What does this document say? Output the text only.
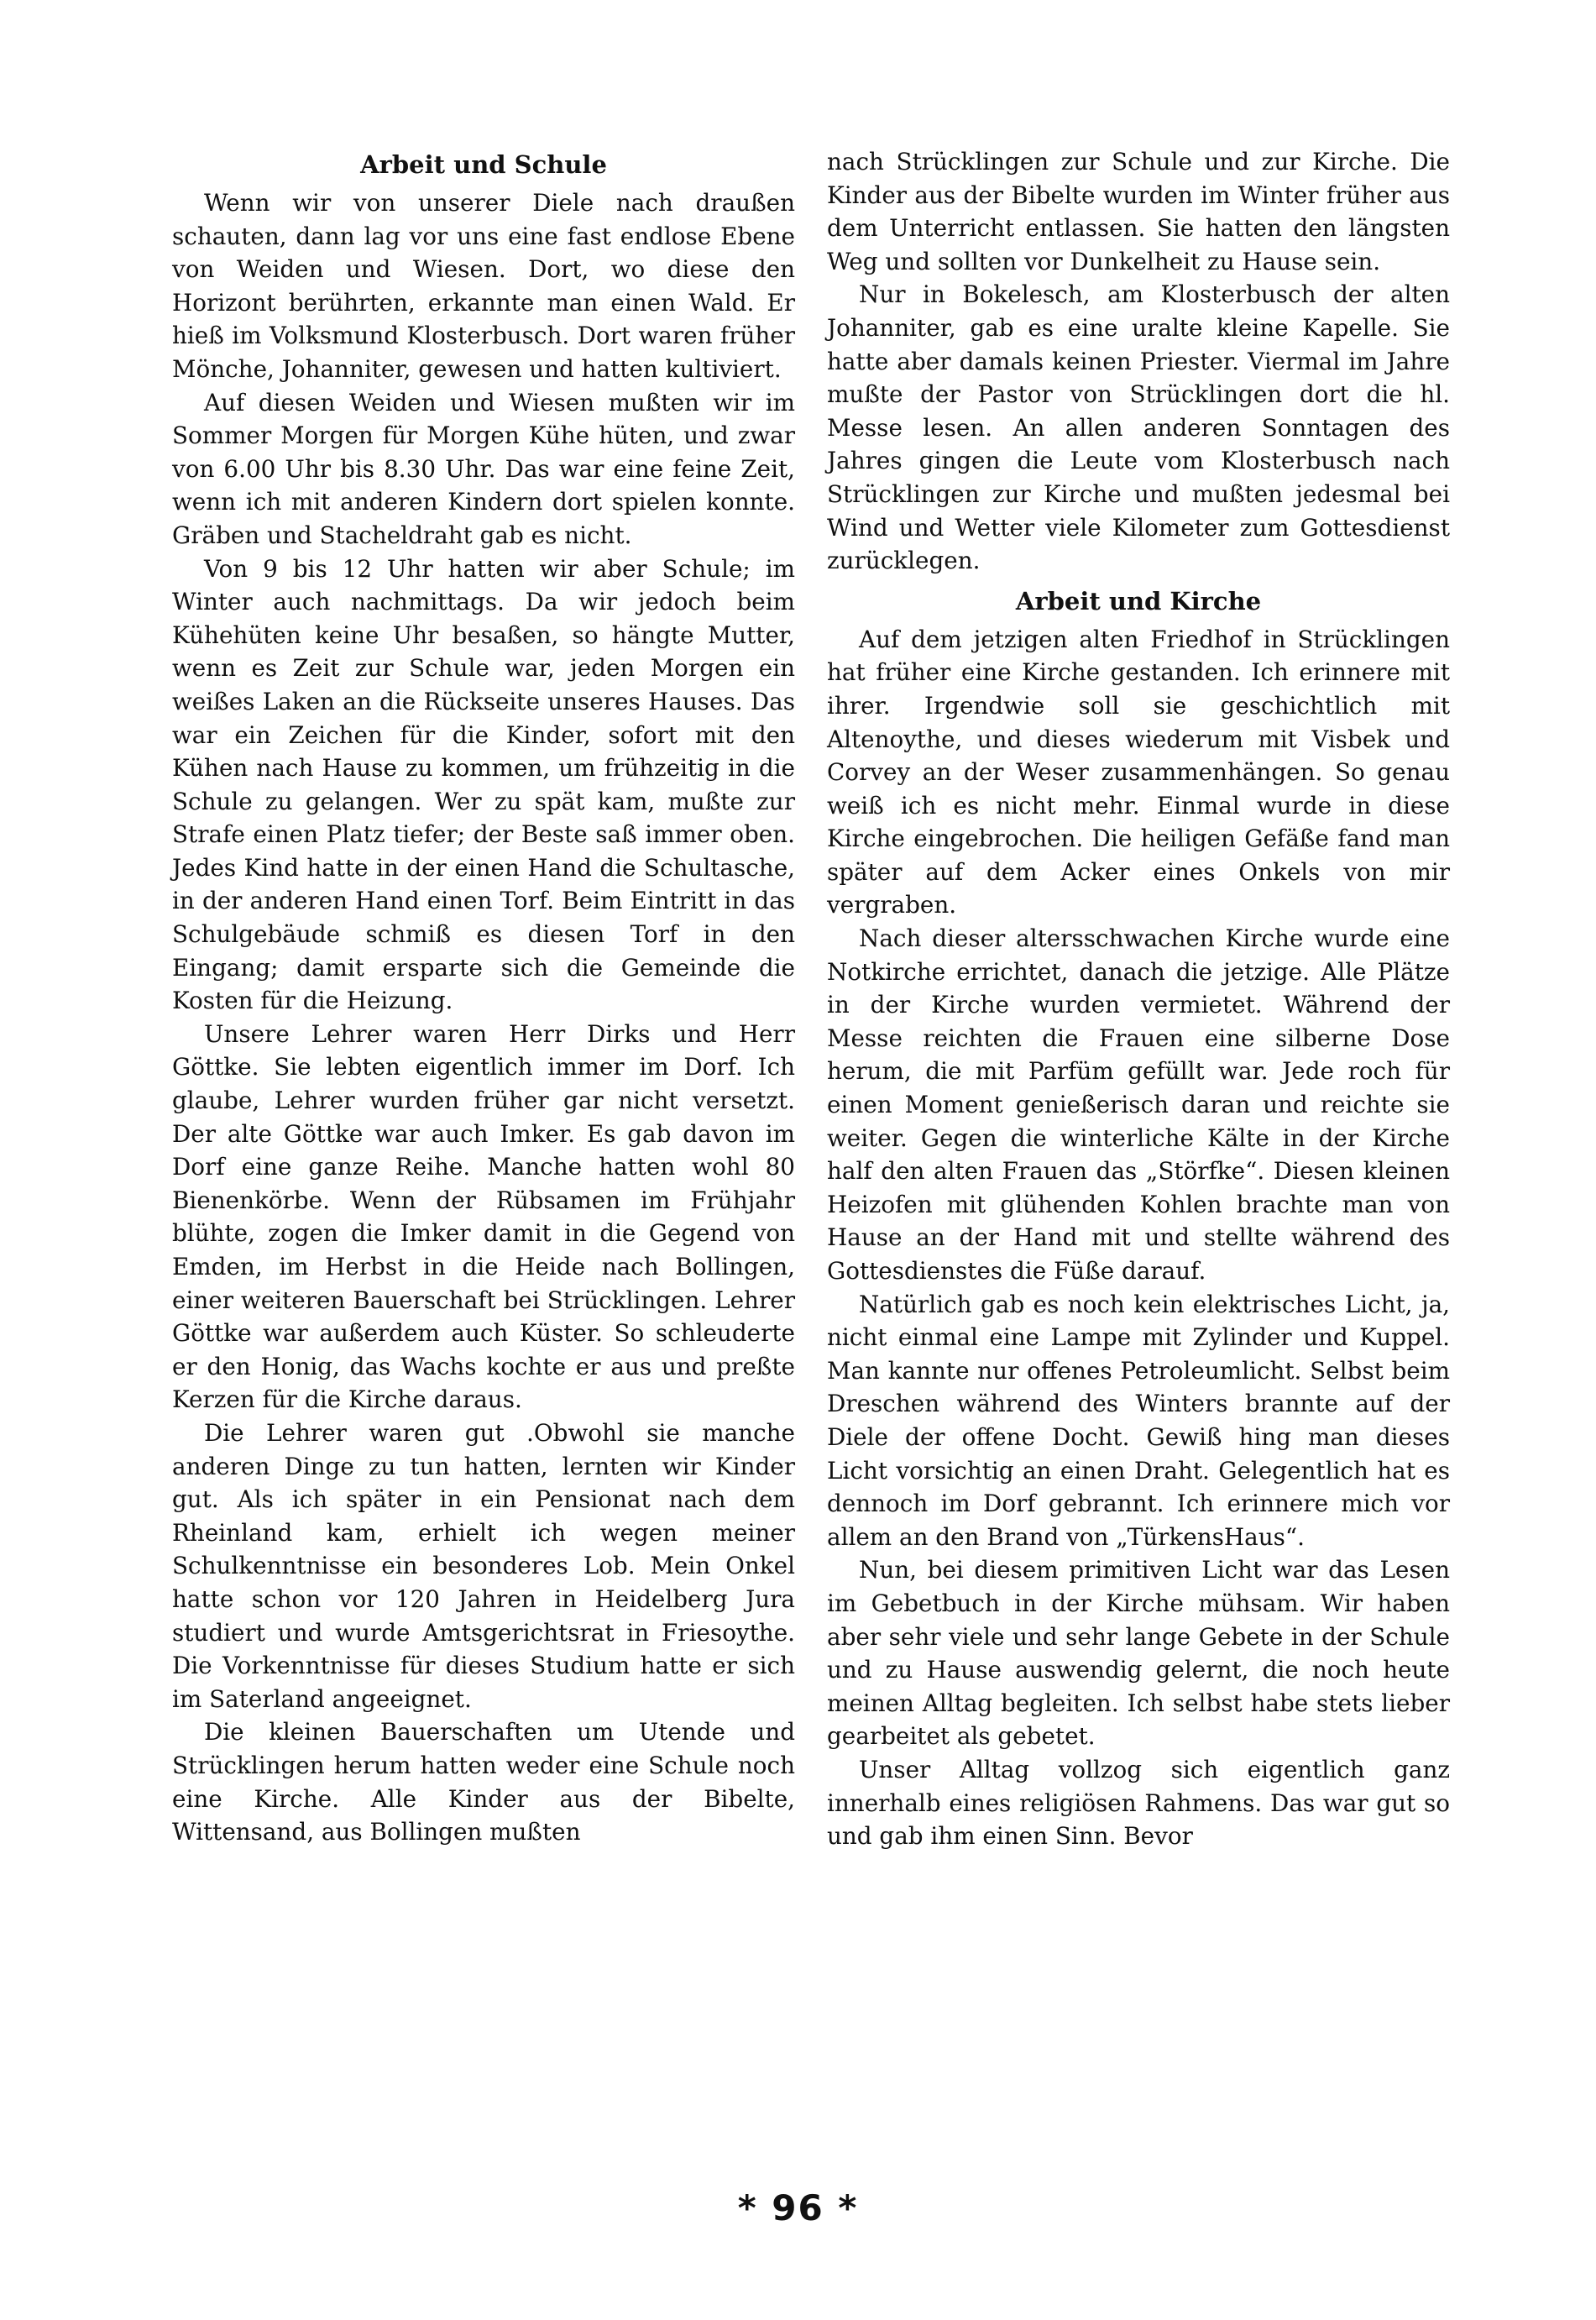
Arbeit und Schule

Wenn wir von unserer Diele nach draußen schauten, dann lag vor uns eine fast endlose Ebene von Weiden und Wiesen. Dort, wo diese den Horizont berührten, erkannte man einen Wald. Er hieß im Volksmund Klosterbusch. Dort waren früher Mönche, Johanniter, gewesen und hatten kultiviert.

Auf diesen Weiden und Wiesen mußten wir im Sommer Morgen für Morgen Kühe hüten, und zwar von 6.00 Uhr bis 8.30 Uhr. Das war eine feine Zeit, wenn ich mit anderen Kindern dort spielen konnte. Gräben und Stacheldraht gab es nicht.

Von 9 bis 12 Uhr hatten wir aber Schule; im Winter auch nachmittags. Da wir jedoch beim Kühehüten keine Uhr besaßen, so hängte Mutter, wenn es Zeit zur Schule war, jeden Morgen ein weißes Laken an die Rückseite unseres Hauses. Das war ein Zeichen für die Kinder, sofort mit den Kühen nach Hause zu kommen, um frühzeitig in die Schule zu gelangen. Wer zu spät kam, mußte zur Strafe einen Platz tiefer; der Beste saß immer oben. Jedes Kind hatte in der einen Hand die Schultasche, in der anderen Hand einen Torf. Beim Eintritt in das Schulgebäude schmiß es diesen Torf in den Eingang; damit ersparte sich die Gemeinde die Kosten für die Heizung.

Unsere Lehrer waren Herr Dirks und Herr Göttke. Sie lebten eigentlich immer im Dorf. Ich glaube, Lehrer wurden früher gar nicht versetzt. Der alte Göttke war auch Imker. Es gab davon im Dorf eine ganze Reihe. Manche hatten wohl 80 Bienenkörbe. Wenn der Rübsamen im Frühjahr blühte, zogen die Imker damit in die Gegend von Emden, im Herbst in die Heide nach Bollingen, einer weiteren Bauerschaft bei Strücklingen. Lehrer Göttke war außerdem auch Küster. So schleuderte er den Honig, das Wachs kochte er aus und preßte Kerzen für die Kirche daraus.

Die Lehrer waren gut .Obwohl sie manche anderen Dinge zu tun hatten, lernten wir Kinder gut. Als ich später in ein Pensionat nach dem Rheinland kam, erhielt ich wegen meiner Schulkenntnisse ein besonderes Lob. Mein Onkel hatte schon vor 120 Jahren in Heidelberg Jura studiert und wurde Amtsgerichtsrat in Friesoythe. Die Vorkenntnisse für dieses Studium hatte er sich im Saterland angeeignet.

Die kleinen Bauerschaften um Utende und Strücklingen herum hatten weder eine Schule noch eine Kirche. Alle Kinder aus der Bibelte, Wittensand, aus Bollingen mußten

nach Strücklingen zur Schule und zur Kirche. Die Kinder aus der Bibelte wurden im Winter früher aus dem Unterricht entlassen. Sie hatten den längsten Weg und sollten vor Dunkelheit zu Hause sein.

Nur in Bokelesch, am Klosterbusch der alten Johanniter, gab es eine uralte kleine Kapelle. Sie hatte aber damals keinen Priester. Viermal im Jahre mußte der Pastor von Strücklingen dort die hl. Messe lesen. An allen anderen Sonntagen des Jahres gingen die Leute vom Klosterbusch nach Strücklingen zur Kirche und mußten jedesmal bei Wind und Wetter viele Kilometer zum Gottesdienst zurücklegen.

Arbeit und Kirche

Auf dem jetzigen alten Friedhof in Strücklingen hat früher eine Kirche gestanden. Ich erinnere mit ihrer. Irgendwie soll sie geschichtlich mit Altenoythe, und dieses wiederum mit Visbek und Corvey an der Weser zusammenhängen. So genau weiß ich es nicht mehr. Einmal wurde in diese Kirche eingebrochen. Die heiligen Gefäße fand man später auf dem Acker eines Onkels von mir vergraben.

Nach dieser altersschwachen Kirche wurde eine Notkirche errichtet, danach die jetzige. Alle Plätze in der Kirche wurden vermietet. Während der Messe reichten die Frauen eine silberne Dose herum, die mit Parfüm gefüllt war. Jede roch für einen Moment genießerisch daran und reichte sie weiter. Gegen die winterliche Kälte in der Kirche half den alten Frauen das „Störfke“. Diesen kleinen Heizofen mit glühenden Kohlen brachte man von Hause an der Hand mit und stellte während des Gottesdienstes die Füße darauf.

Natürlich gab es noch kein elektrisches Licht, ja, nicht einmal eine Lampe mit Zylinder und Kuppel. Man kannte nur offenes Petroleumlicht. Selbst beim Dreschen während des Winters brannte auf der Diele der offene Docht. Gewiß hing man dieses Licht vorsichtig an einen Draht. Gelegentlich hat es dennoch im Dorf gebrannt. Ich erinnere mich vor allem an den Brand von „TürkensHaus“.

Nun, bei diesem primitiven Licht war das Lesen im Gebetbuch in der Kirche mühsam. Wir haben aber sehr viele und sehr lange Gebete in der Schule und zu Hause auswendig gelernt, die noch heute meinen Alltag begleiten. Ich selbst habe stets lieber gearbeitet als gebetet.

Unser Alltag vollzog sich eigentlich ganz innerhalb eines religiösen Rahmens. Das war gut so und gab ihm einen Sinn. Bevor

* 96 *
